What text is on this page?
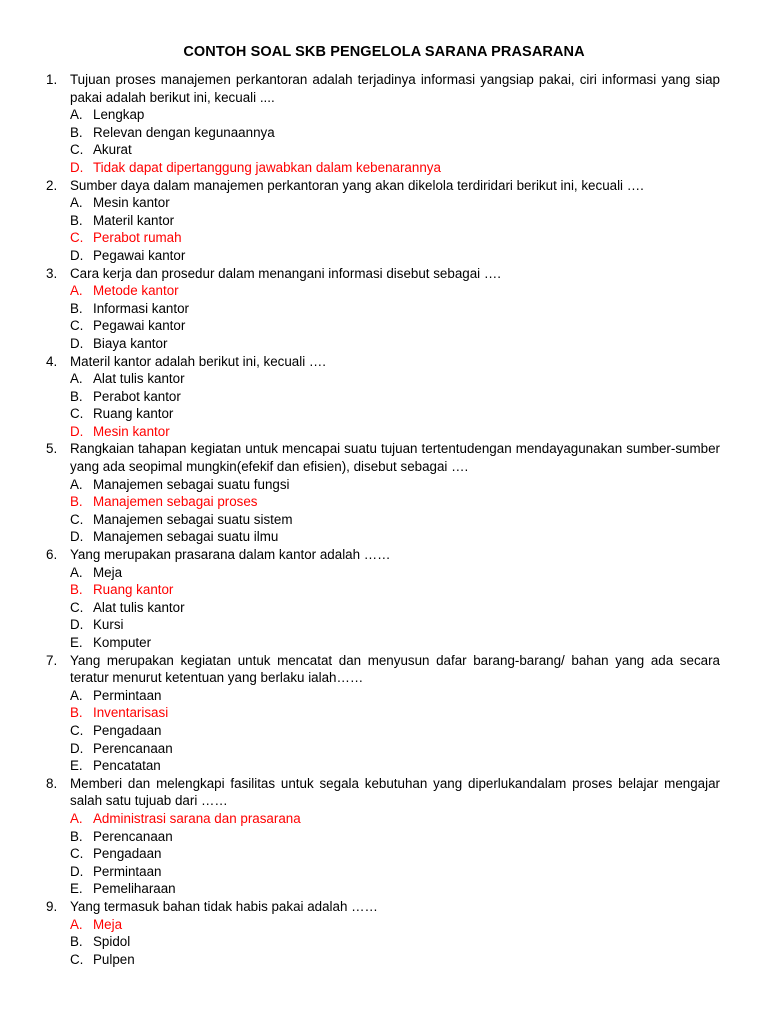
CONTOH SOAL SKB PENGELOLA SARANA PRASARANA
1. Tujuan proses manajemen perkantoran adalah terjadinya informasi yangsiap pakai, ciri informasi yang siap pakai adalah berikut ini, kecuali ....
A. Lengkap
B. Relevan dengan kegunaannya
C. Akurat
D. Tidak dapat dipertanggung jawabkan dalam kebenarannya
2. Sumber daya dalam manajemen perkantoran yang akan dikelola terdiridari berikut ini, kecuali ….
A. Mesin kantor
B. Materil kantor
C. Perabot rumah
D. Pegawai kantor
3. Cara kerja dan prosedur dalam menangani informasi disebut sebagai ….
A. Metode kantor
B. Informasi kantor
C. Pegawai kantor
D. Biaya kantor
4. Materil kantor adalah berikut ini, kecuali ….
A. Alat tulis kantor
B. Perabot kantor
C. Ruang kantor
D. Mesin kantor
5. Rangkaian tahapan kegiatan untuk mencapai suatu tujuan tertentudengan mendayagunakan sumber-sumber yang ada seopimal mungkin(efekif dan efisien), disebut sebagai ….
A. Manajemen sebagai suatu fungsi
B. Manajemen sebagai proses
C. Manajemen sebagai suatu sistem
D. Manajemen sebagai suatu ilmu
6. Yang merupakan prasarana dalam kantor adalah ……
A. Meja
B. Ruang kantor
C. Alat tulis kantor
D. Kursi
E. Komputer
7. Yang merupakan kegiatan untuk mencatat dan menyusun dafar barang-barang/ bahan yang ada secara teratur menurut ketentuan yang berlaku ialah……
A. Permintaan
B. Inventarisasi
C. Pengadaan
D. Perencanaan
E. Pencatatan
8. Memberi dan melengkapi fasilitas untuk segala kebutuhan yang diperlukandalam proses belajar mengajar salah satu tujuab dari ……
A. Administrasi sarana dan prasarana
B. Perencanaan
C. Pengadaan
D. Permintaan
E. Pemeliharaan
9. Yang termasuk bahan tidak habis pakai adalah ……
A. Meja
B. Spidol
C. Pulpen
